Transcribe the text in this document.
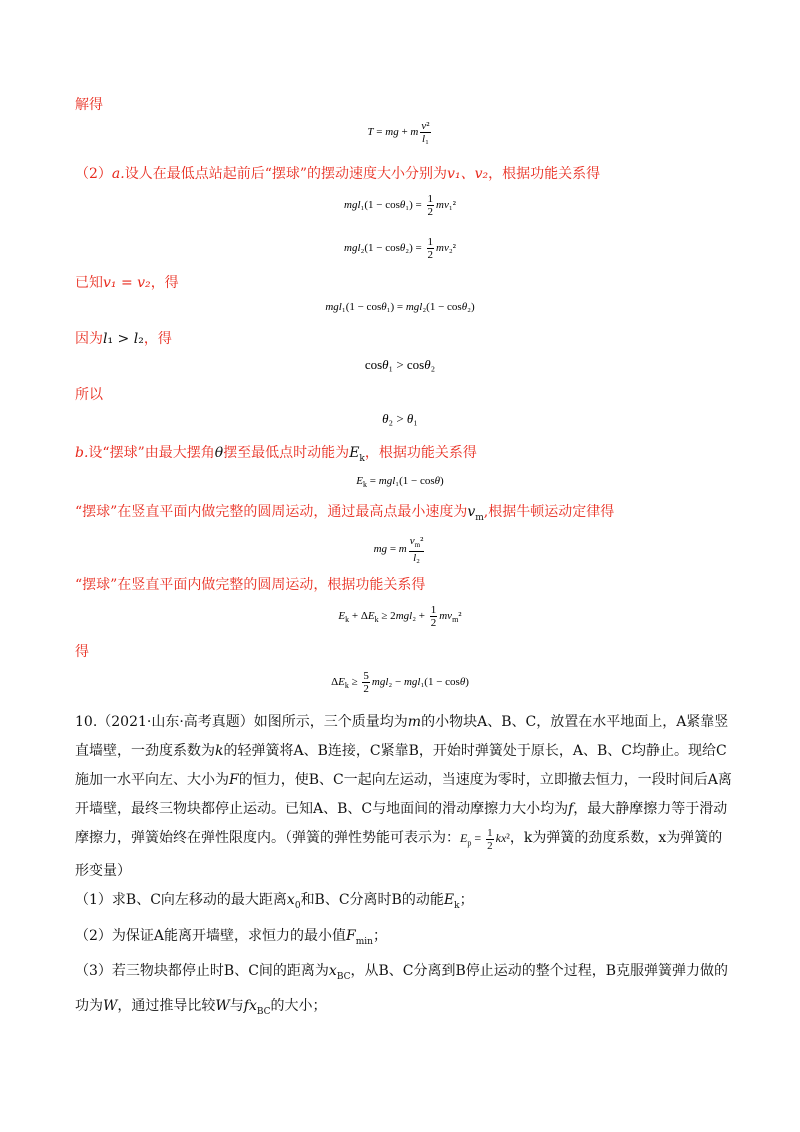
解得
T = mg + m $\frac{\text{v²}}{\text{l₁}}$
（2）a.设人在最低点站起前后“摆球”的摆动速度大小分别为v₁、v₂，根据功能关系得
$mgl_1(1 - \cos\theta_1) = \frac{1}{2} mv_1^2$
$mgl_2(1 - \cos\theta_2) = \frac{1}{2} mv_2^2$
已知v₁ = v₂，得
mgl₁(1 − cosθ₁) = mgl₂(1 − cosθ₂)
因为l₁ > l₂，得
cosθ₁ > cosθ₂
所以
θ₂ > θ₁
b.设“摆球”由最大摆角θ摆至最低点时动能为$E_k$，根据功能关系得
$E_k = mgl_1(1 - \cos\theta)$
“摆球”在竖直平面内做完整的圆周运动，通过最高点最小速度为$v_m$,根据牛顿运动定律得
mg = m $\frac{v_m^2}{\text{l₂}}$
“摆球”在竖直平面内做完整的圆周运动，根据功能关系得
$E_k + \Delta E_k \ge 2mgl_2 + \frac{1}{2} mv_m^2$
得
$\Delta E_k \ge \frac{5}{2} mgl_2 - mgl_1(1 - \cos\theta)$
10.（2021·山东·高考真题）如图所示，三个质量均为m的小物块A、B、C，放置在水平地面上，A紧靠竖直墙壁，一劲度系数为k的轻弹簧将A、B连接，C紧靠B，开始时弹簧处于原长，A、B、C均静止。现给C施加一水平向左、大小为F的恒力，使B、C一起向左运动，当速度为零时，立即撤去恒力，一段时间后A离开墙壁，最终三物块都停止运动。已知A、B、C与地面间的滑动摩擦力大小均为f，最大静摩擦力等于滑动摩擦力，弹簧始终在弹性限度内。（弹簧的弹性势能可表示为：$E_p = \frac{1}{2} kx^2$，k为弹簧的劲度系数，x为弹簧的形变量）
（1）求B、C向左移动的最大距离$x_0$和B、C分离时B的动能$E_k$；
（2）为保证A能离开墙壁，求恒力的最小值$F_{min}$；
（3）若三物块都停止时B、C间的距离为$x_{BC}$，从B、C分离到B停止运动的整个过程，B克服弹簧弹力做的功为W，通过推导比较W与$fx_{BC}$的大小；
